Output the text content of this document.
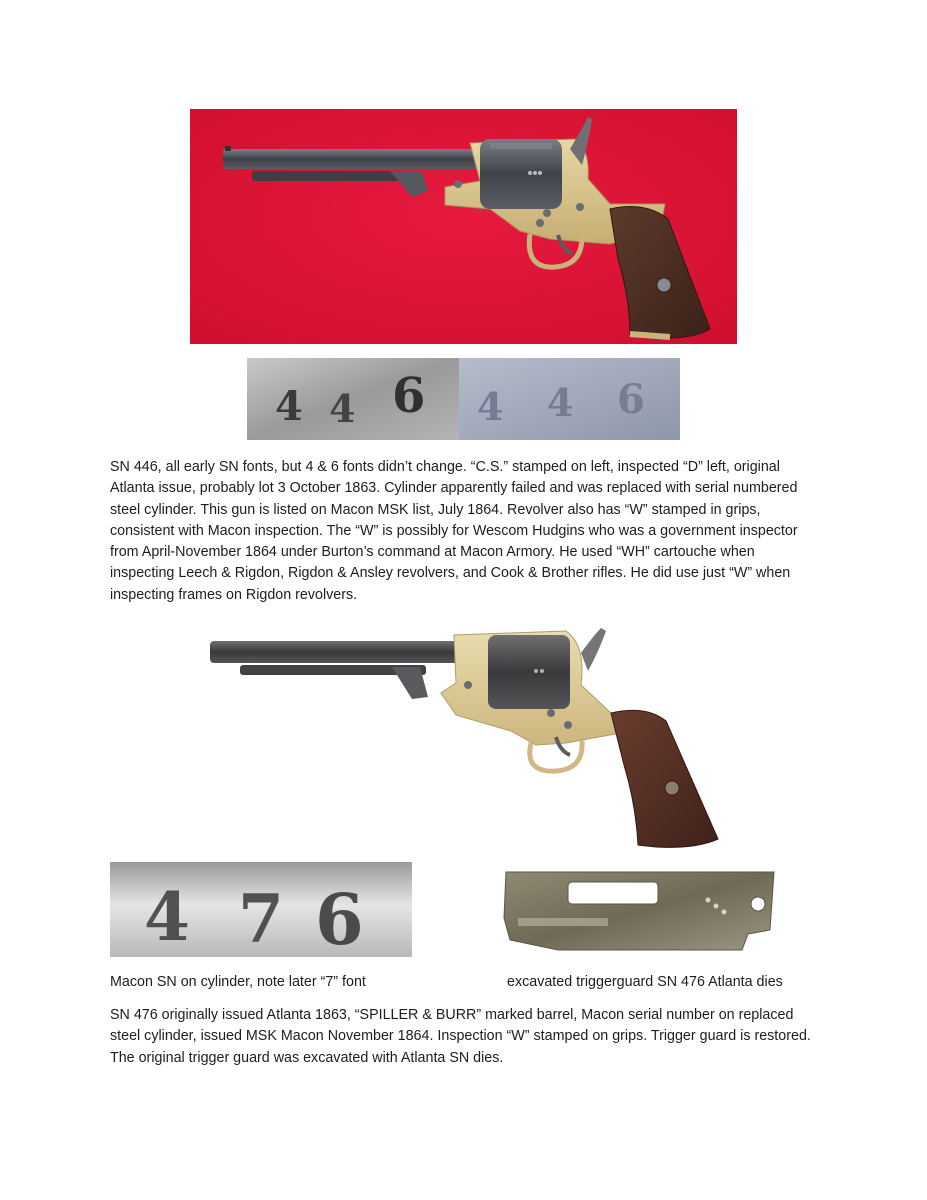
C.S
4 4 6 4 4 6

SN 446, all early SN fonts, but 4 & 6 fonts didn’t change. “C.S.” stamped on left, inspected “D” left, original Atlanta issue, probably lot 3 October 1863. Cylinder apparently failed and was replaced with serial numbered steel cylinder. This gun is listed on Macon MSK list, July 1864. Revolver also has “W” stamped in grips, consistent with Macon inspection. The “W” is possibly for Wescom Hudgins who was a government inspector from April-November 1864 under Burton’s command at Macon Armory. He used “WH” cartouche when inspecting Leech & Rigdon, Rigdon & Ansley revolvers, and Cook & Brother rifles. He did use just “W” when inspecting frames on Rigdon revolvers.

4 7 6

Macon SN on cylinder, note later “7” font	excavated triggerguard SN 476 Atlanta dies

SN 476 originally issued Atlanta 1863, “SPILLER & BURR” marked barrel, Macon serial number on replaced steel cylinder, issued MSK Macon November 1864. Inspection “W” stamped on grips. Trigger guard is restored. The original trigger guard was excavated with Atlanta SN dies.
